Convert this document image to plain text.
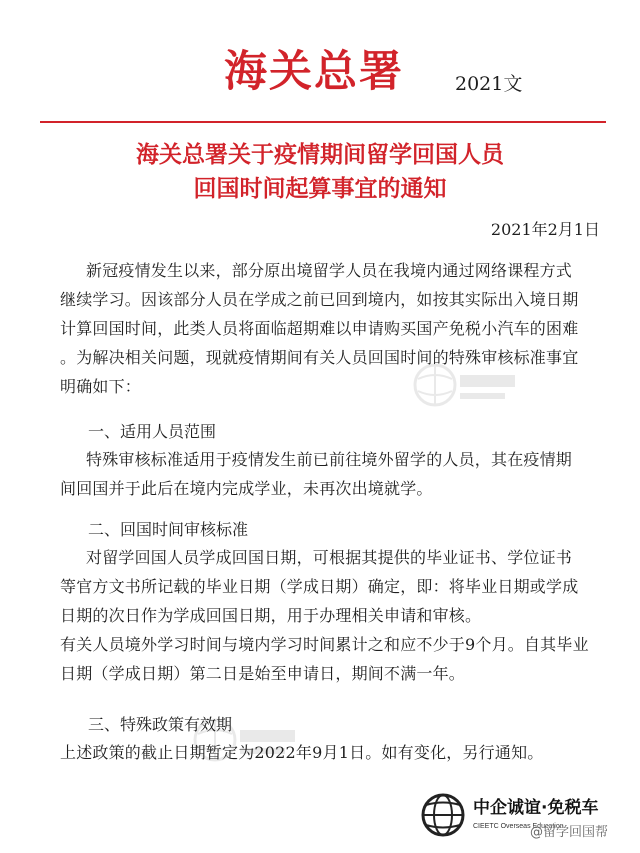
海关总署	2021文
海关总署关于疫情期间留学回国人员
回国时间起算事宜的通知
2021年2月1日
新冠疫情发生以来，部分原出境留学人员在我境内通过网络课程方式
继续学习。因该部分人员在学成之前已回到境内，如按其实际出入境日期
计算回国时间，此类人员将面临超期难以申请购买国产免税小汽车的困难
。为解决相关问题，现就疫情期间有关人员回国时间的特殊审核标准事宜
明确如下：
一、适用人员范围
特殊审核标准适用于疫情发生前已前往境外留学的人员，其在疫情期
间回国并于此后在境内完成学业，未再次出境就学。
二、回国时间审核标准
对留学回国人员学成回国日期，可根据其提供的毕业证书、学位证书
等官方文书所记载的毕业日期（学成日期）确定，即：将毕业日期或学成
日期的次日作为学成回国日期，用于办理相关申请和审核。
有关人员境外学习时间与境内学习时间累计之和应不少于9个月。自其毕业
日期（学成日期）第二日是始至申请日，期间不满一年。
三、特殊政策有效期
上述政策的截止日期暂定为2022年9月1日。如有变化，另行通知。
中企诚谊·免税车
CIEETC Overseas Education
@留学回国帮
